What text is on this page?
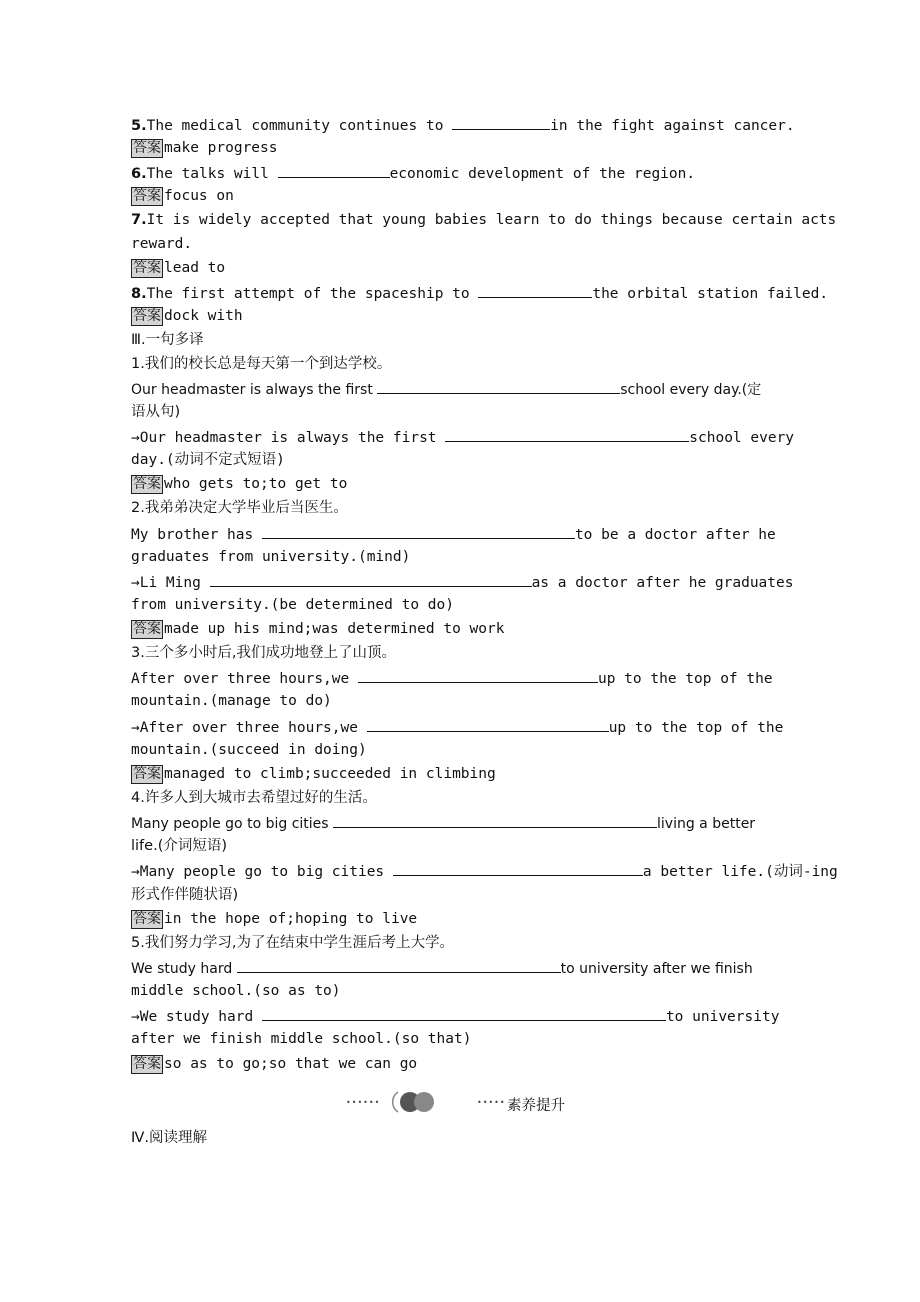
5.The medical community continues to	in the fight against cancer.
答案 make progress
6.The talks will	economic development of the region.
答案 focus on
7.It is widely accepted that young babies learn to do things because certain acts
reward.
答案 lead to
8.The first attempt of the spaceship to	the orbital station failed.
答案 dock with
Ⅲ.一句多译
1.我们的校长总是每天第一个到达学校。
Our headmaster is always the first	school every day.(定
语从句)
→Our headmaster is always the first	school every
day.(动词不定式短语)
答案 who gets to;to get to
2.我弟弟决定大学毕业后当医生。
My brother has	to be a doctor after he
graduates from university.(mind)
→Li Ming	as a doctor after he graduates
from university.(be determined to do)
答案 made up his mind;was determined to work
3.三个多小时后,我们成功地登上了山顶。
After over three hours,we	up to the top of the
mountain.(manage to do)
→After over three hours,we	up to the top of the
mountain.(succeed in doing)
答案 managed to climb;succeeded in climbing
4.许多人到大城市去希望过好的生活。
Many people go to big cities	living a better
life.(介词短语)
→Many people go to big cities	a better life.(动词-ing
形式作伴随状语)
答案 in the hope of;hoping to live
5.我们努力学习,为了在结束中学生涯后考上大学。
We study hard	to university after we finish
middle school.(so as to)
→We study hard	to university
after we finish middle school.(so that)
答案 so as to go;so that we can go
••••••	••••• 素养提升
Ⅳ.阅读理解
